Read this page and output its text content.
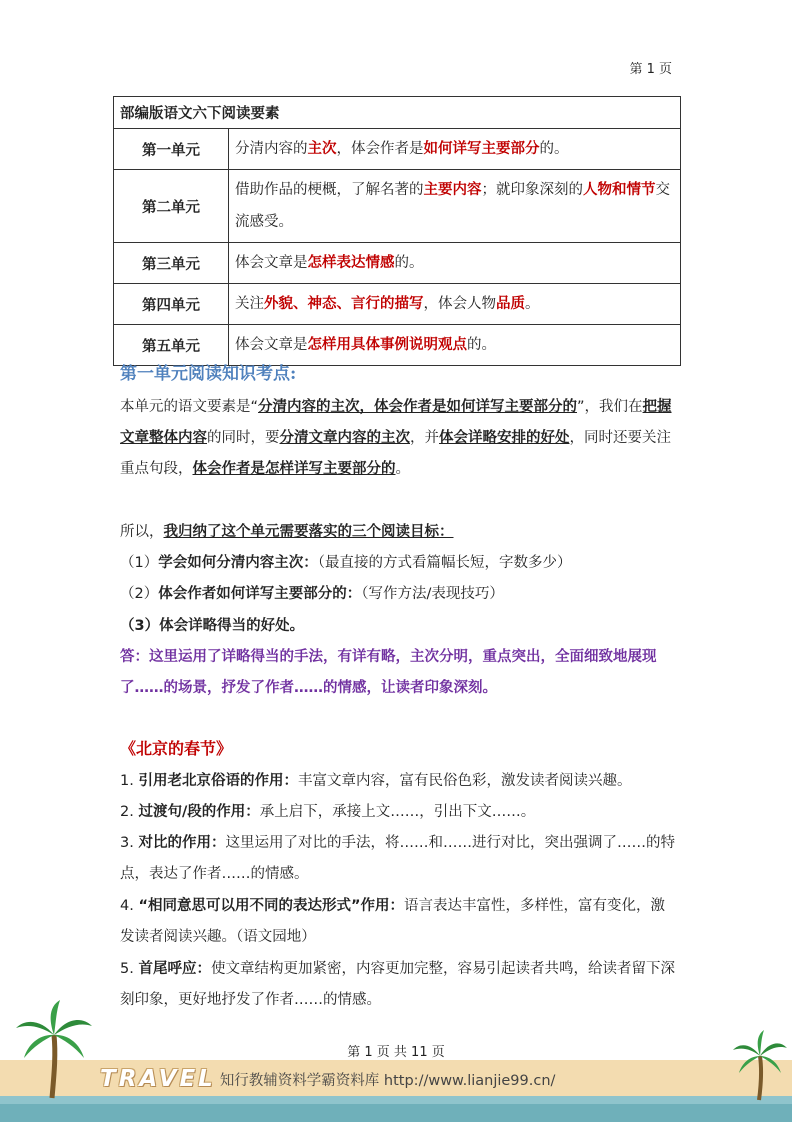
第 1 页
部编版语文六下阅读要素	
第一单元	分清内容的主次，体会作者是如何详写主要部分的。
第二单元	借助作品的梗概，了解名著的主要内容；就印象深刻的人物和情节交流感受。
第三单元	体会文章是怎样表达情感的。
第四单元	关注外貌、神态、言行的描写，体会人物品质。
第五单元	体会文章是怎样用具体事例说明观点的。
第一单元阅读知识考点:
本单元的语文要素是“分清内容的主次，体会作者是如何详写主要部分的”，我们在把握文章整体内容的同时，要分清文章内容的主次，并体会详略安排的好处，同时还要关注重点句段，体会作者是怎样详写主要部分的。
所以，我归纳了这个单元需要落实的三个阅读目标：
（1）学会如何分清内容主次：（最直接的方式看篇幅长短，字数多少）
（2）体会作者如何详写主要部分的：（写作方法/表现技巧）
（3）体会详略得当的好处。
答：这里运用了详略得当的手法，有详有略，主次分明，重点突出，全面细致地展现了……的场景，抒发了作者……的情感，让读者印象深刻。
《北京的春节》
1. 引用老北京俗语的作用：丰富文章内容，富有民俗色彩，激发读者阅读兴趣。
2. 过渡句/段的作用：承上启下，承接上文……，引出下文……。
3. 对比的作用：这里运用了对比的手法，将……和……进行对比，突出强调了……的特点，表达了作者……的情感。
4. “相同意思可以用不同的表达形式”作用：语言表达丰富性，多样性，富有变化，激发读者阅读兴趣。（语文园地）
5. 首尾呼应：使文章结构更加紧密，内容更加完整，容易引起读者共鸣，给读者留下深刻印象，更好地抒发了作者……的情感。
第 1 页 共 11 页
TRAVEL 知行教辅资料学霸资料库 http://www.lianjie99.cn/
